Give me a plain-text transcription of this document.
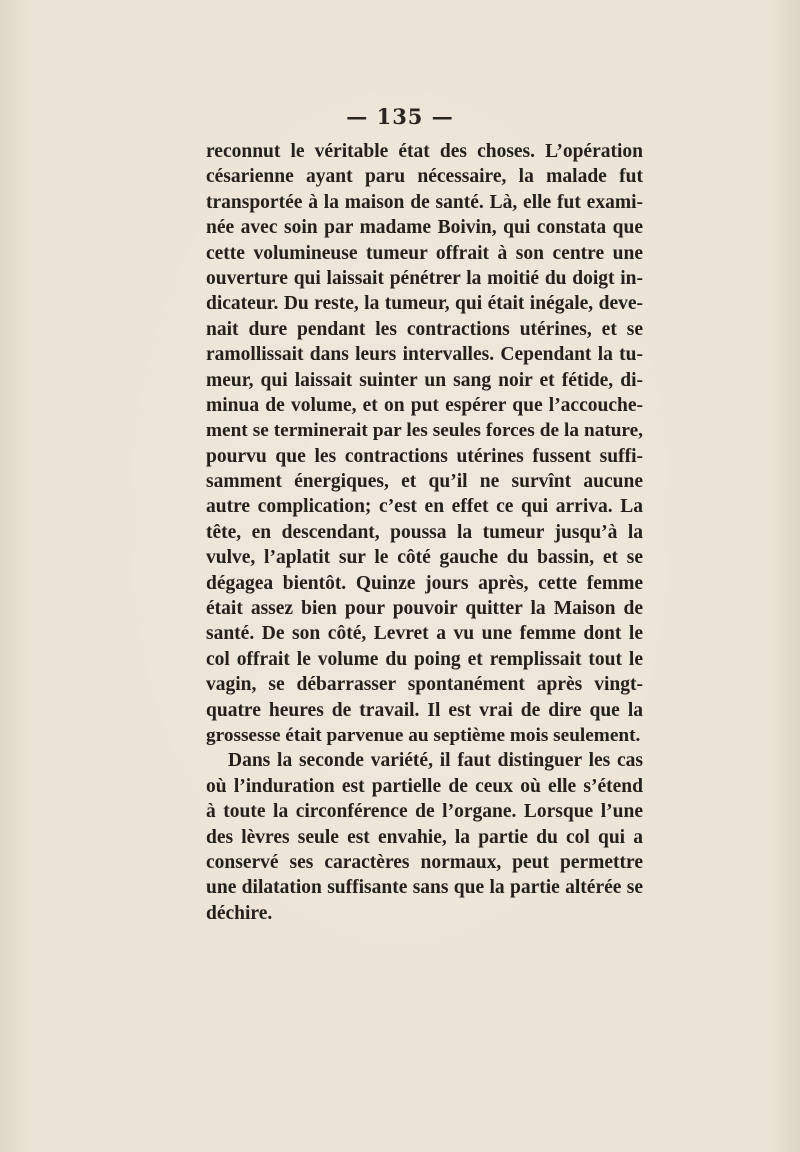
— 135 —
reconnut le véritable état des choses. L’opération
césarienne ayant paru nécessaire, la malade fut
transportée à la maison de santé. Là, elle fut exami-
née avec soin par madame Boivin, qui constata que
cette volumineuse tumeur offrait à son centre une
ouverture qui laissait pénétrer la moitié du doigt in-
dicateur. Du reste, la tumeur, qui était inégale, deve-
nait dure pendant les contractions utérines, et se
ramollissait dans leurs intervalles. Cependant la tu-
meur, qui laissait suinter un sang noir et fétide, di-
minua de volume, et on put espérer que l’accouche-
ment se terminerait par les seules forces de la nature,
pourvu que les contractions utérines fussent suffi-
samment énergiques, et qu’il ne survînt aucune
autre complication; c’est en effet ce qui arriva. La
tête, en descendant, poussa la tumeur jusqu’à la
vulve, l’aplatit sur le côté gauche du bassin, et se
dégagea bientôt. Quinze jours après, cette femme
était assez bien pour pouvoir quitter la Maison de
santé. De son côté, Levret a vu une femme dont le
col offrait le volume du poing et remplissait tout le
vagin, se débarrasser spontanément après vingt-
quatre heures de travail. Il est vrai de dire que la
grossesse était parvenue au septième mois seulement.
Dans la seconde variété, il faut distinguer les cas
où l’induration est partielle de ceux où elle s’étend
à toute la circonférence de l’organe. Lorsque l’une
des lèvres seule est envahie, la partie du col qui a
conservé ses caractères normaux, peut permettre
une dilatation suffisante sans que la partie altérée se
déchire.
